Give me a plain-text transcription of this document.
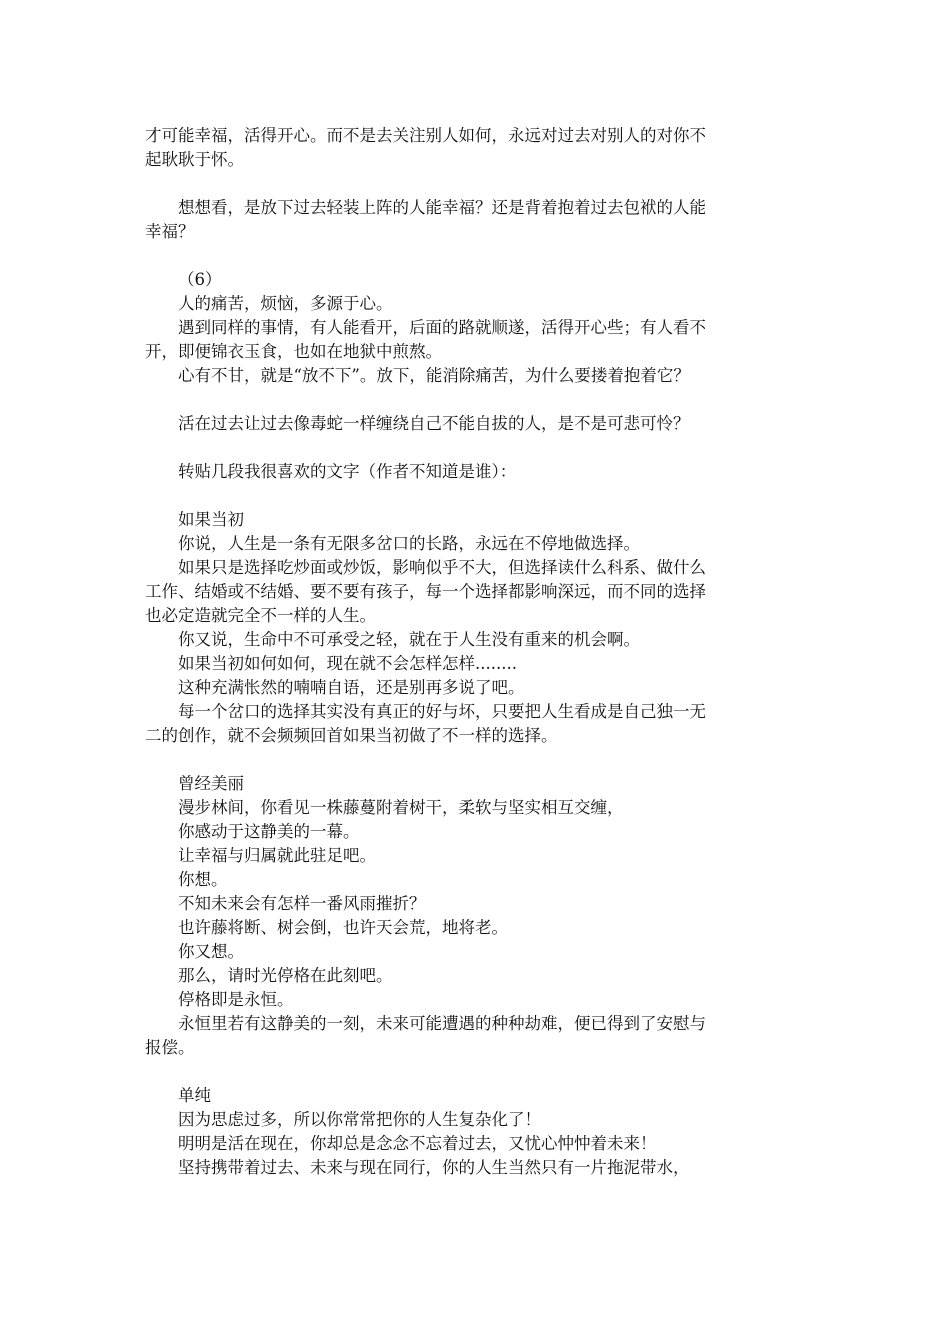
才可能幸福，活得开心。而不是去关注别人如何，永远对过去对别人的对你不
起耿耿于怀。
想想看，是放下过去轻装上阵的人能幸福？还是背着抱着过去包袱的人能
幸福？
（6）
人的痛苦，烦恼，多源于心。
遇到同样的事情，有人能看开，后面的路就顺遂，活得开心些；有人看不
开，即便锦衣玉食，也如在地狱中煎熬。
心有不甘，就是“放不下”。放下，能消除痛苦，为什么要搂着抱着它？
活在过去让过去像毒蛇一样缠绕自己不能自拔的人，是不是可悲可怜？
转贴几段我很喜欢的文字（作者不知道是谁）：
如果当初
你说，人生是一条有无限多岔口的长路，永远在不停地做选择。
如果只是选择吃炒面或炒饭，影响似乎不大，但选择读什么科系、做什么
工作、结婚或不结婚、要不要有孩子，每一个选择都影响深远，而不同的选择
也必定造就完全不一样的人生。
你又说，生命中不可承受之轻，就在于人生没有重来的机会啊。
如果当初如何如何，现在就不会怎样怎样........
这种充满怅然的喃喃自语，还是别再多说了吧。
每一个岔口的选择其实没有真正的好与坏，只要把人生看成是自己独一无
二的创作，就不会频频回首如果当初做了不一样的选择。
曾经美丽
漫步林间，你看见一株藤蔓附着树干，柔软与坚实相互交缠，
你感动于这静美的一幕。
让幸福与归属就此驻足吧。
你想。
不知未来会有怎样一番风雨摧折？
也许藤将断、树会倒，也许天会荒，地将老。
你又想。
那么，请时光停格在此刻吧。
停格即是永恒。
永恒里若有这静美的一刻，未来可能遭遇的种种劫难，便已得到了安慰与
报偿。
单纯
因为思虑过多，所以你常常把你的人生复杂化了！
明明是活在现在，你却总是念念不忘着过去，又忧心忡忡着未来！
坚持携带着过去、未来与现在同行，你的人生当然只有一片拖泥带水，
